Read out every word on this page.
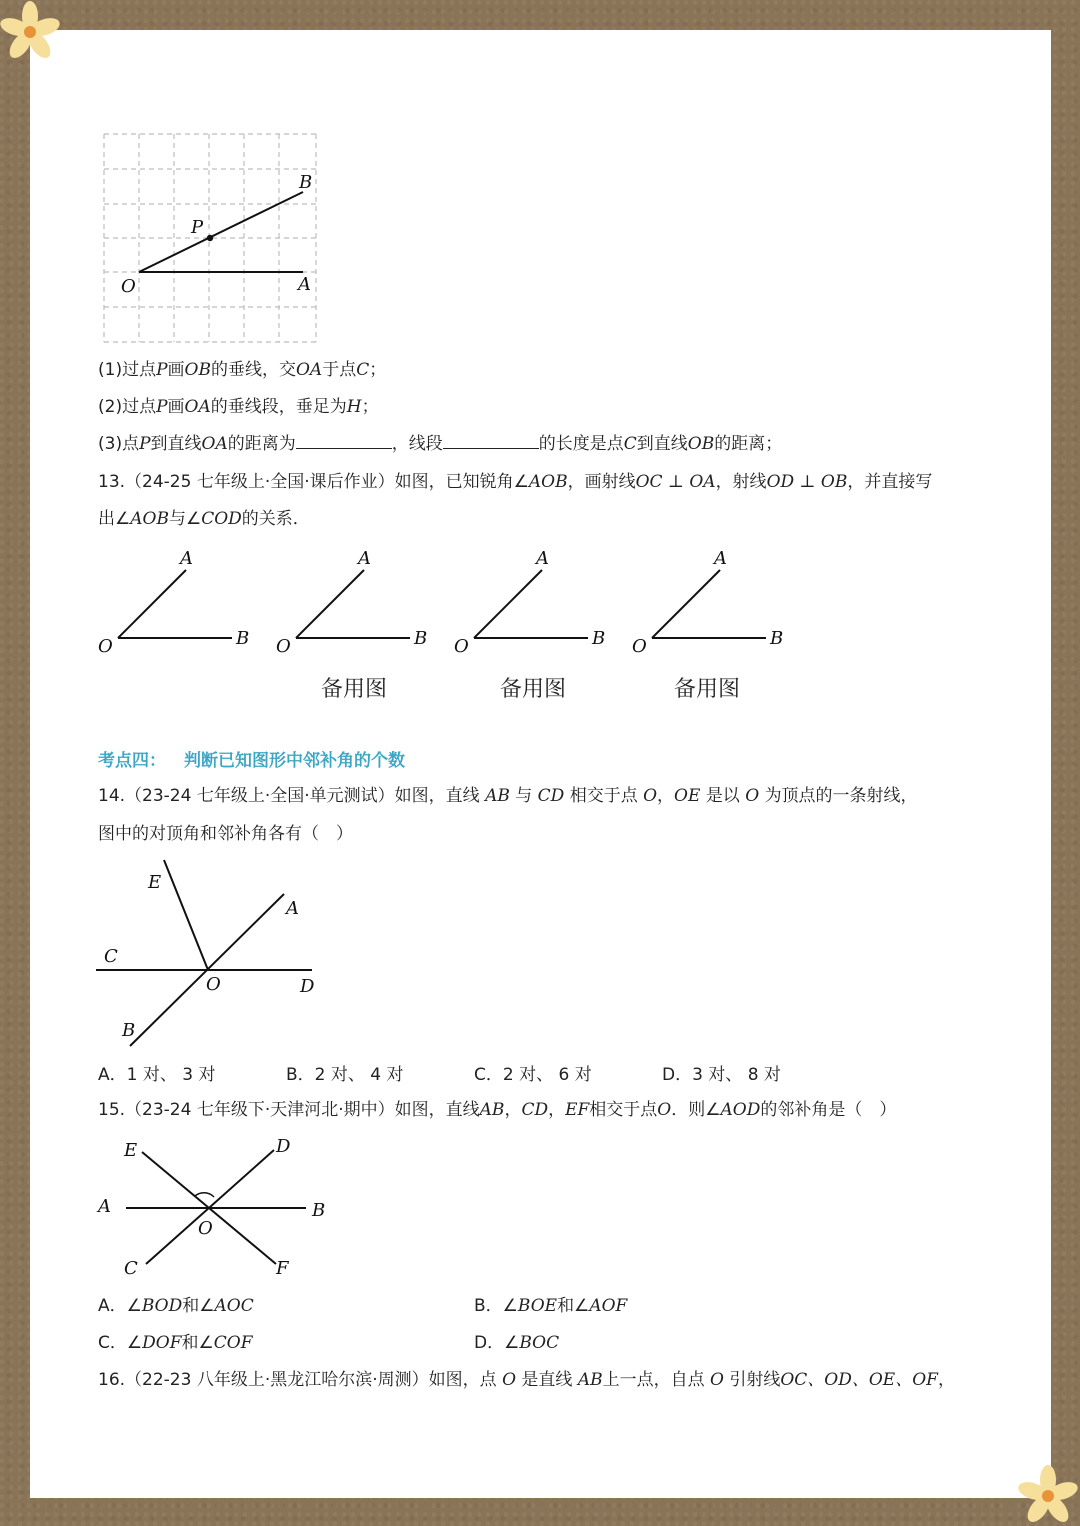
B
P
O	A
(1)过点P画OB的垂线，交OA于点C；
(2)过点P画OA的垂线段，垂足为H；
(3)点P到直线OA的距离为	，线段	的长度是点C到直线OB的距离；
13.（24-25 七年级上·全国·课后作业）如图，已知锐角∠AOB，画射线OC ⊥ OA，射线OD ⊥ OB，并直接写
出∠AOB与∠COD的关系．
A
O	B
A
O	B
A
O	B
A
O	B
备用图	备用图	备用图
考点四： 判断已知图形中邻补角的个数
14.（23-24 七年级上·全国·单元测试）如图，直线 AB 与 CD 相交于点 O，OE 是以 O 为顶点的一条射线，
图中的对顶角和邻补角各有（　）
E
A
C
O	D
B
A．1 对、 3 对	B．2 对、 4 对	C．2 对、 6 对	D．3 对、 8 对
15.（23-24 七年级下·天津河北·期中）如图，直线AB，CD，EF相交于点O．则∠AOD的邻补角是（　）
E	D
A	B
O
C	F
A．∠BOD和∠AOC	B．∠BOE和∠AOF
C．∠DOF和∠COF	D．∠BOC
16.（22-23 八年级上·黑龙江哈尔滨·周测）如图，点 O 是直线 AB上一点，自点 O 引射线OC、OD、OE、OF，
